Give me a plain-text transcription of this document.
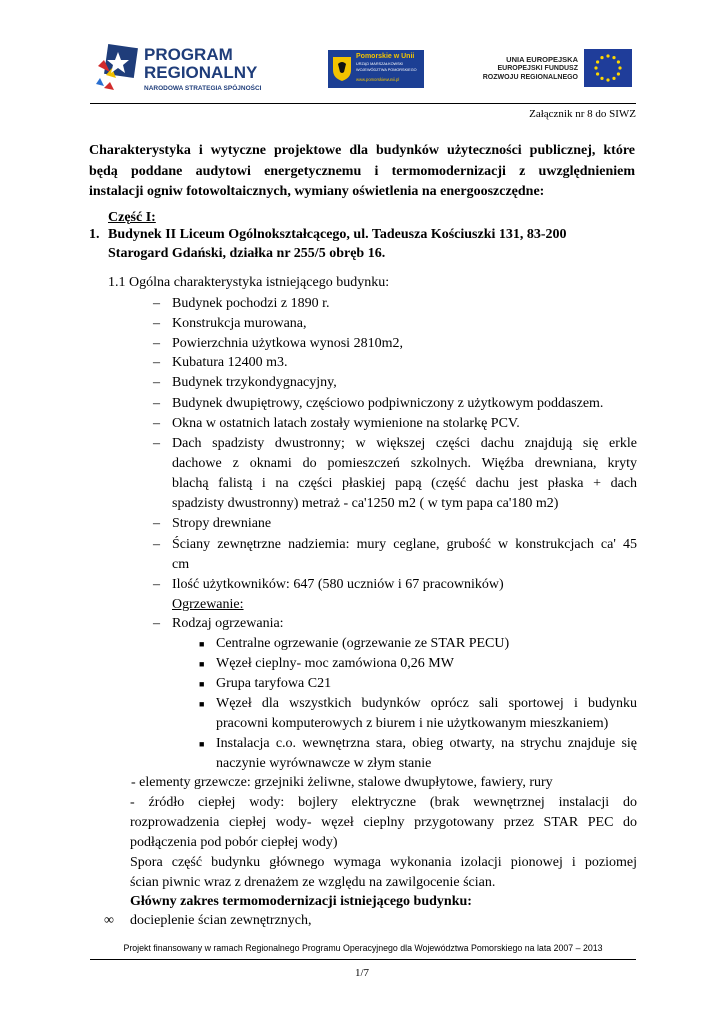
PROGRAM
REGIONALNY
NARODOWA STRATEGIA SPÓJNOŚCI
Pomorskie w Unii
URZĄD MARSZAŁKOWSKI
WOJEWÓDZTWA POMORSKIEGO
www.pomorskiewunii.pl
UNIA EUROPEJSKA
EUROPEJSKI FUNDUSZ
ROZWOJU REGIONALNEGO
Załącznik nr 8 do SIWZ
Charakterystyka i wytyczne projektowe dla budynków użyteczności publicznej, które
będą poddane audytowi energetycznemu i termomodernizacji z uwzględnieniem
instalacji ogniw fotowoltaicznych, wymiany oświetlenia na energooszczędne:
Część I:
1. Budynek II Liceum Ogólnokształcącego, ul. Tadeusza Kościuszki 131, 83-200
Starogard Gdański, działka nr 255/5 obręb 16.
1.1 Ogólna charakterystyka istniejącego budynku:
– Budynek pochodzi z 1890 r.
– Konstrukcja murowana,
– Powierzchnia użytkowa wynosi 2810m2,
– Kubatura 12400 m3.
– Budynek trzykondygnacyjny,
– Budynek dwupiętrowy, częściowo podpiwniczony z użytkowym poddaszem.
– Okna w ostatnich latach zostały wymienione na stolarkę PCV.
– Dach spadzisty dwustronny; w większej części dachu znajdują się erkle
dachowe z oknami do pomieszczeń szkolnych. Więźba drewniana, kryty
blachą falistą i na części płaskiej papą (część dachu jest płaska + dach
spadzisty dwustronny) metraż - ca'1250 m2 ( w tym papa ca'180 m2)
– Stropy drewniane
– Ściany zewnętrzne nadziemia: mury ceglane, grubość w konstrukcjach ca' 45
cm
– Ilość użytkowników: 647 (580 uczniów i 67 pracowników)
Ogrzewanie:
– Rodzaj ogrzewania:
■ Centralne ogrzewanie (ogrzewanie ze STAR PECU)
■ Węzeł cieplny- moc zamówiona 0,26 MW
■ Grupa taryfowa C21
■ Węzeł dla wszystkich budynków oprócz sali sportowej i budynku
pracowni komputerowych z biurem i nie użytkowanym mieszkaniem)
■ Instalacja c.o. wewnętrzna stara, obieg otwarty, na strychu znajduje się
naczynie wyrównawcze w złym stanie
- elementy grzewcze: grzejniki żeliwne, stalowe dwupłytowe, fawiery, rury
- źródło ciepłej wody: bojlery elektryczne (brak wewnętrznej instalacji do
rozprowadzenia ciepłej wody- węzeł cieplny przygotowany przez STAR PEC do
podłączenia pod pobór ciepłej wody)
Spora część budynku głównego wymaga wykonania izolacji pionowej i poziomej
ścian piwnic wraz z drenażem ze względu na zawilgocenie ścian.
Główny zakres termomodernizacji istniejącego budynku:
∞ docieplenie ścian zewnętrznych,
Projekt finansowany w ramach Regionalnego Programu Operacyjnego dla Województwa Pomorskiego na lata 2007 – 2013
1/7
